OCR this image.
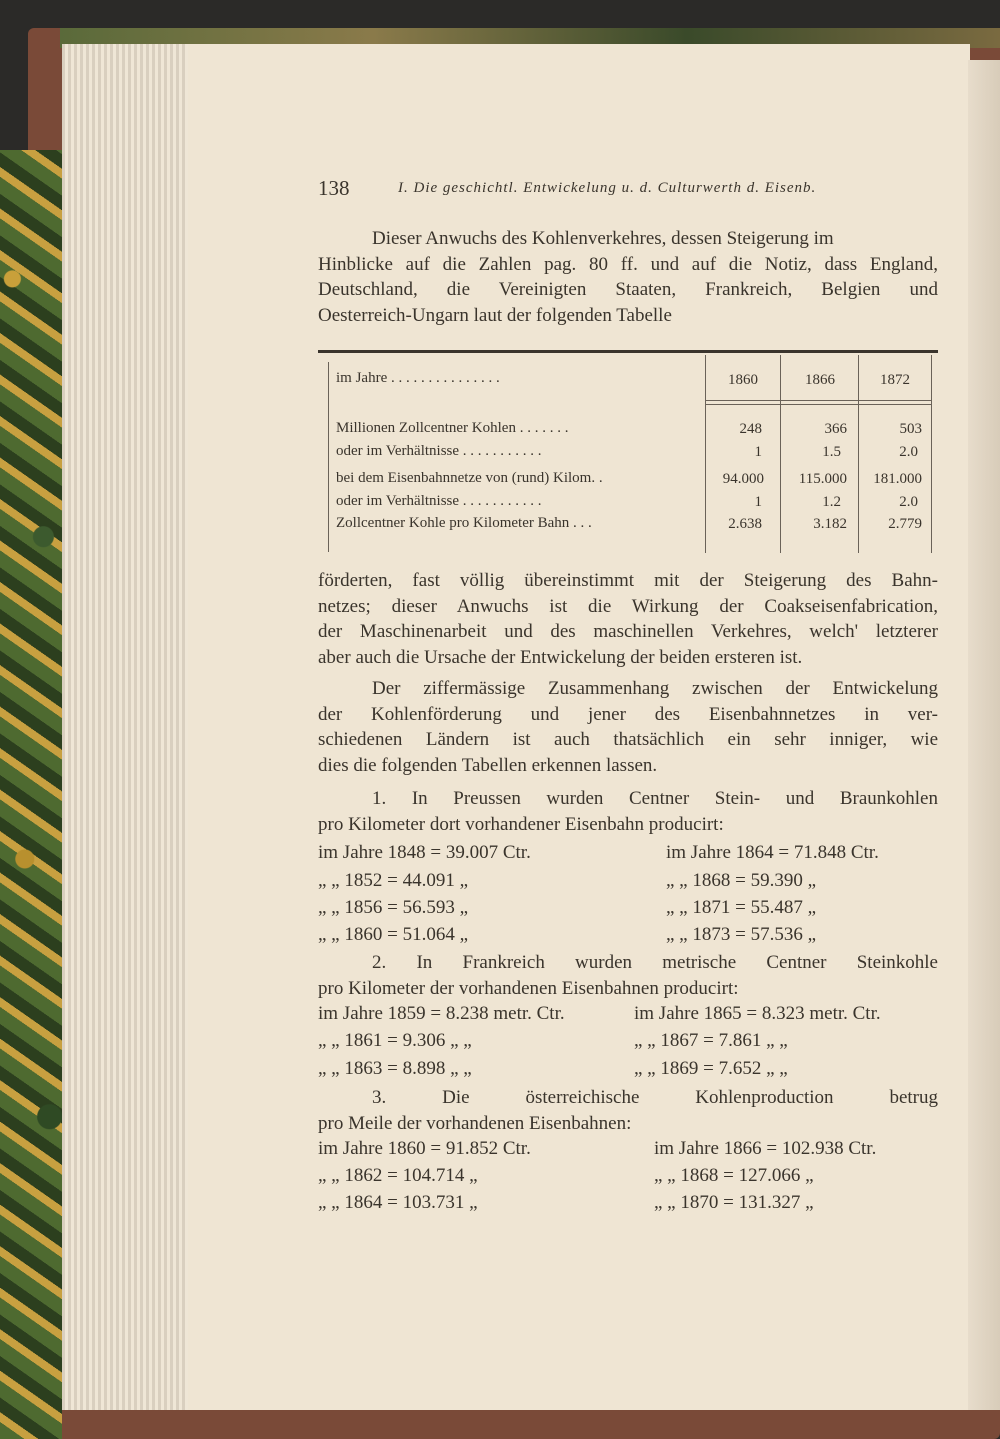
138	I. Die geschichtl. Entwickelung u. d. Culturwerth d. Eisenb.
Dieser Anwuchs des Kohlenverkehres, dessen Steigerung im
Hinblicke auf die Zahlen pag. 80 ff. und auf die Notiz, dass England,
Deutschland, die Vereinigten Staaten, Frankreich, Belgien und
Oesterreich-Ungarn laut der folgenden Tabelle
im Jahre . . . . . . . . . . . . . . .	1860	1866	1872
Millionen Zollcentner Kohlen . . . . . . .	248	366	503
oder im Verhältnisse . . . . . . . . . . .	1	1.5	2.0
bei dem Eisenbahnnetze von (rund) Kilom. .	94.000	115.000	181.000
oder im Verhältnisse . . . . . . . . . . .	1	1.2	2.0
Zollcentner Kohle pro Kilometer Bahn . . .	2.638	3.182	2.779
förderten, fast völlig übereinstimmt mit der Steigerung des Bahn-
netzes; dieser Anwuchs ist die Wirkung der Coakseisenfabrication,
der Maschinenarbeit und des maschinellen Verkehres, welch' letzterer
aber auch die Ursache der Entwickelung der beiden ersteren ist.
Der ziffermässige Zusammenhang zwischen der Entwickelung
der Kohlenförderung und jener des Eisenbahnnetzes in ver-
schiedenen Ländern ist auch thatsächlich ein sehr inniger, wie
dies die folgenden Tabellen erkennen lassen.
1. In Preussen wurden Centner Stein- und Braunkohlen
pro Kilometer dort vorhandener Eisenbahn producirt:
im Jahre 1848 = 39.007 Ctr.	im Jahre 1864 = 71.848 Ctr.
„ „ 1852 = 44.091 „	„ „ 1868 = 59.390 „
„ „ 1856 = 56.593 „	„ „ 1871 = 55.487 „
„ „ 1860 = 51.064 „	„ „ 1873 = 57.536 „
2. In Frankreich wurden metrische Centner Steinkohle
pro Kilometer der vorhandenen Eisenbahnen producirt:
im Jahre 1859 = 8.238 metr. Ctr.	im Jahre 1865 = 8.323 metr. Ctr.
„ „ 1861 = 9.306 „ „	„ „ 1867 = 7.861 „ „
„ „ 1863 = 8.898 „ „	„ „ 1869 = 7.652 „ „
3. Die österreichische Kohlenproduction betrug
pro Meile der vorhandenen Eisenbahnen:
im Jahre 1860 = 91.852 Ctr.	im Jahre 1866 = 102.938 Ctr.
„ „ 1862 = 104.714 „	„ „ 1868 = 127.066 „
„ „ 1864 = 103.731 „	„ „ 1870 = 131.327 „
